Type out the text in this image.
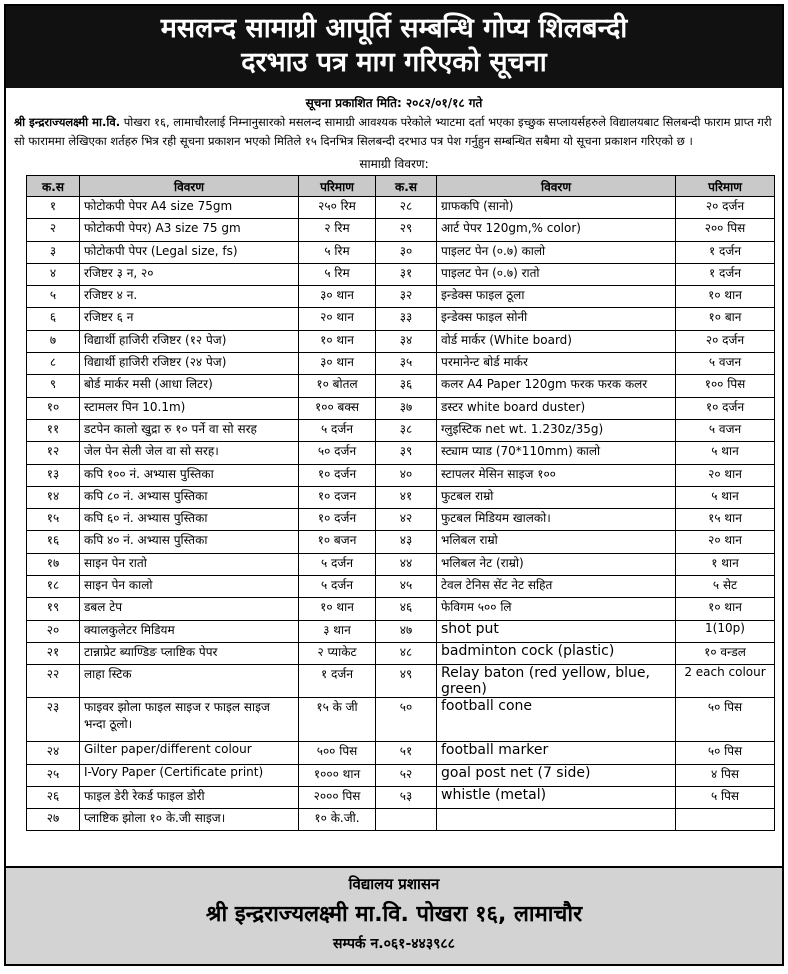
मसलन्द सामाग्री आपूर्ति सम्बन्धि गोप्य शिलबन्दी
दरभाउ पत्र माग गरिएको सूचना
सूचना प्रकाशित मिति: २०८२/०१/१८ गते
श्री इन्द्रराज्यलक्ष्मी मा.वि. पोखरा १६, लामाचौरलाई निम्नानुसारको मसलन्द सामाग्री आवश्यक परेकोले भ्याटमा दर्ता भएका इच्छुक सप्लायर्सहरुले विद्यालयबाट सिलबन्दी फाराम प्राप्त गरी सो फाराममा लेखिएका शर्तहरु भित्र रही सूचना प्रकाशन भएको मितिले १५ दिनभित्र सिलबन्दी दरभाउ पत्र पेश गर्नुहुन सम्बन्धित सबैमा यो सूचना प्रकाशन गरिएको छ ।
सामाग्री विवरण:
क.स	विवरण	परिमाण	क.स	विवरण	परिमाण
१	फोटोकपी पेपर A4 size 75gm	२५० रिम	२८	ग्राफकपि (सानो)	२० दर्जन
२	फोटोकपी पेपर) A3 size 75 gm	२ रिम	२९	आर्ट पेपर 120gm,% color)	२०० पिस
३	फोटोकपी पेपर (Legal size, fs)	५ रिम	३०	पाइलट पेन (०.७) कालो	१ दर्जन
४	रजिष्टर ३ न, २०	५ रिम	३१	पाइलट पेन (०.७) रातो	१ दर्जन
५	रजिष्टर ४ न.	३० थान	३२	इन्डेक्स फाइल ठूला	१० थान
६	रजिष्टर ६ न	२० थान	३३	इन्डेक्स फाइल सोनी	१० बान
७	विद्यार्थी हाजिरी रजिष्टर (१२ पेज)	१० थान	३४	वोर्ड मार्कर (White board)	२० दर्जन
८	विद्यार्थी हाजिरी रजिष्टर (२४ पेज)	३० थान	३५	परमानेन्ट बोर्ड मार्कर	५ वजन
९	बोर्ड मार्कर मसी (आधा लिटर)	१० बोतल	३६	कलर A4 Paper 120gm फरक फरक कलर	१०० पिस
१०	स्टामलर पिन 10.1m)	१०० बक्स	३७	डस्टर white board duster)	१० दर्जन
११	डटपेन कालो खुद्रा रु १० पर्ने वा सो सरह	५ दर्जन	३८	ग्लुइस्टिक net wt. 1.230z/35g)	५ वजन
१२	जेल पेन सेली जेल वा सो सरह।	५० दर्जन	३९	स्ट्याम प्याड (70*110mm) कालो	५ थान
१३	कपि १०० नं. अभ्यास पुस्तिका	१० दर्जन	४०	स्टापलर मेसिन साइज १००	२० थान
१४	कपि ८० नं. अभ्यास पुस्तिका	१० दजन	४१	फुटबल राम्रो	५ थान
१५	कपि ६० नं. अभ्यास पुस्तिका	१० दर्जन	४२	फुटबल मिडियम खालको।	१५ थान
१६	कपि ४० नं. अभ्यास पुस्तिका	१० बजन	४३	भलिबल राम्रो	२० थान
१७	साइन पेन रातो	५ दर्जन	४४	भलिबल नेट (राम्रो)	१ थान
१८	साइन पेन कालो	५ दर्जन	४५	टेवल टेनिस सेंट नेट सहित	५ सेट
१९	डबल टेप	१० थान	४६	फेविगम ५०० लि	१० थान
२०	क्यालकुलेटर मिडियम	३ थान	४७	shot put	1(10p)
२१	टान्नाप्रेट ब्याण्डिङ प्लाष्टिक पेपर	२ प्याकेट	४८	badminton cock (plastic)	१० वन्डल
२२	लाहा स्टिक	१ दर्जन	४९	Relay baton (red yellow, blue, green)	2 each colour
२३	फाइवर झोला फाइल साइज र फाइल साइज भन्दा ठूलो।	१५ के जी	५०	football cone	५० पिस
२४	Gilter paper/different colour	५०० पिस	५१	football marker	५० पिस
२५	I-Vory Paper (Certificate print)	१००० थान	५२	goal post net (7 side)	४ पिस
२६	फाइल डेरी रेकर्ड फाइल डोरी	२००० पिस	५३	whistle (metal)	५ पिस
२७	प्लाष्टिक झोला १० के.जी साइज।	१० के.जी.			
विद्यालय प्रशासन
श्री इन्द्रराज्यलक्ष्मी मा.वि. पोखरा १६, लामाचौर
सम्पर्क न.०६१-४४३९८८
